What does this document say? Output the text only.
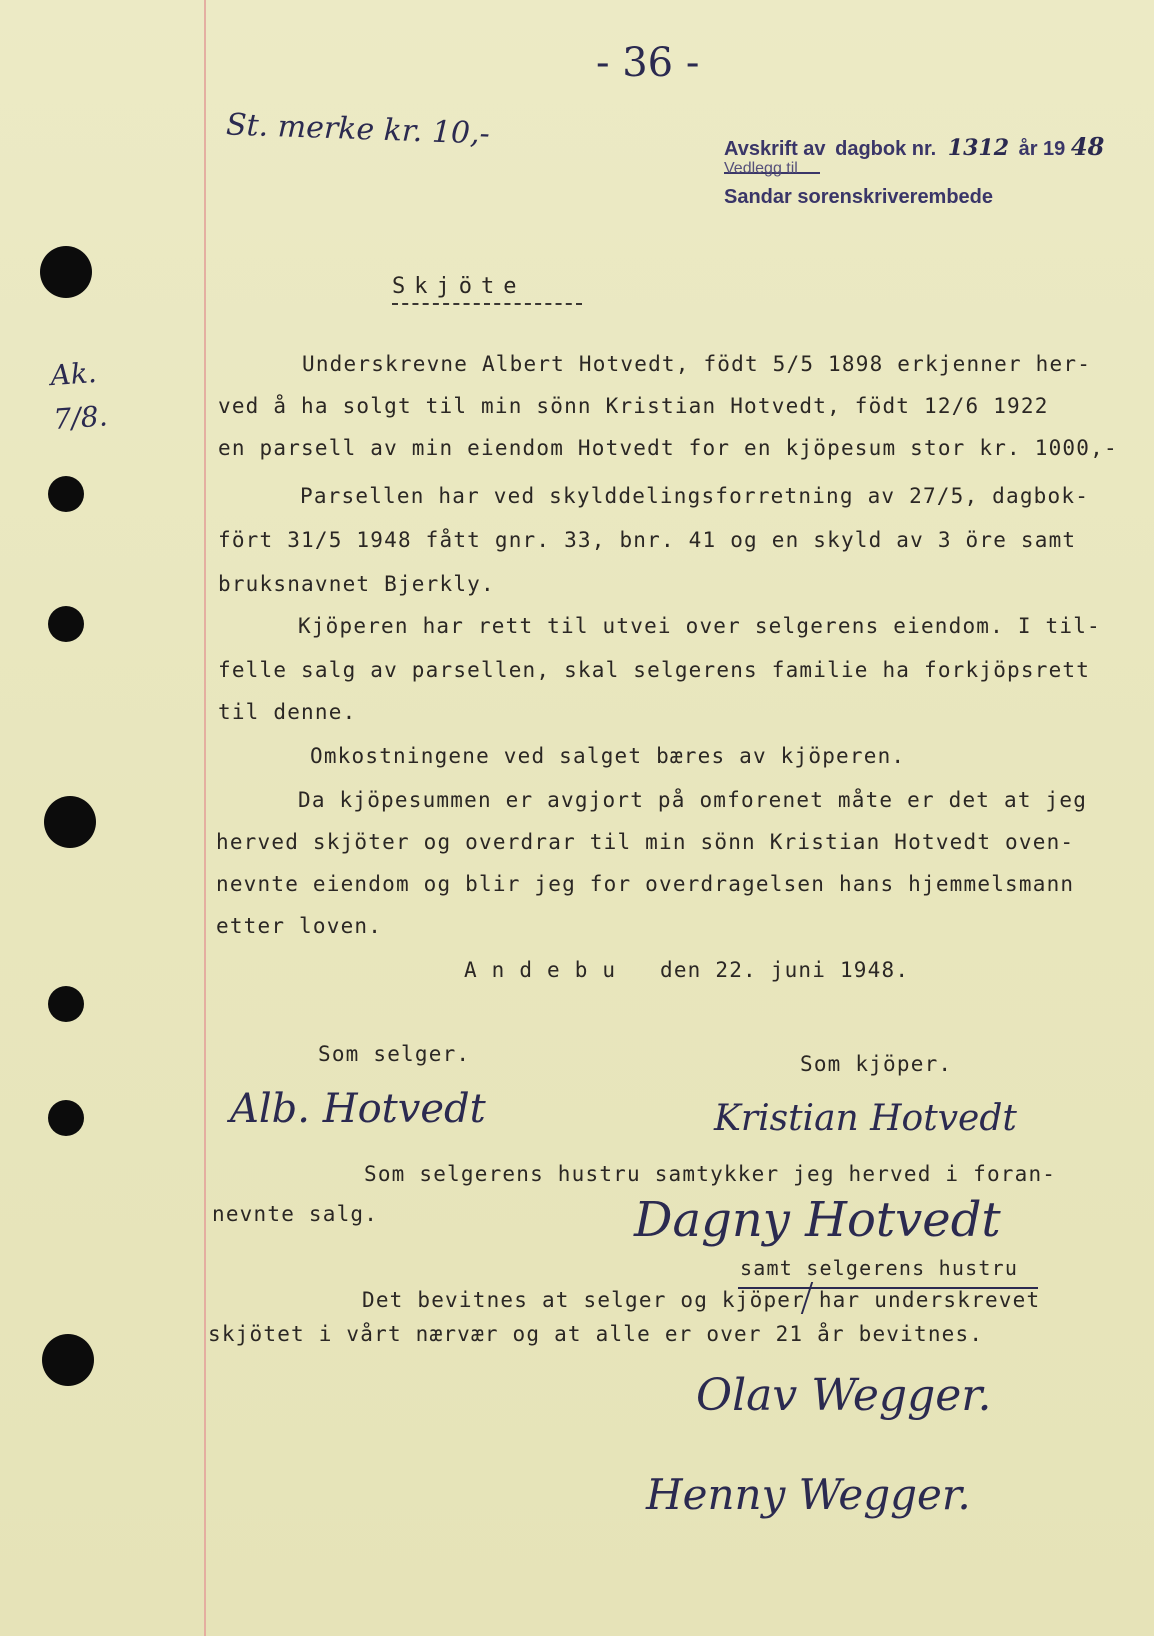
- 36 -
St. merke kr. 10,-
Ak. 7/8.
Avskrift av dagbok nr. 1312 år 19 48
Vedlegg til
Sandar sorenskriverembede
Skjöte
Underskrevne Albert Hotvedt, födt 5/5 1898 erkjenner her-
ved å ha solgt til min sönn Kristian Hotvedt, födt 12/6 1922
en parsell av min eiendom Hotvedt for en kjöpesum stor kr. 1000,-
Parsellen har ved skylddelingsforretning av 27/5, dagbok-
fört 31/5 1948 fått gnr. 33, bnr. 41 og en skyld av 3 öre samt
bruksnavnet Bjerkly.
Kjöperen har rett til utvei over selgerens eiendom. I til-
felle salg av parsellen, skal selgerens familie ha forkjöpsrett
til denne.
Omkostningene ved salget bæres av kjöperen.
Da kjöpesummen er avgjort på omforenet måte er det at jeg
herved skjöter og overdrar til min sönn Kristian Hotvedt oven-
nevnte eiendom og blir jeg for overdragelsen hans hjemmelsmann
etter loven.
A n d e b u den 22. juni 1948.
Som selger.	Som kjöper.
Alb. Hotvedt	Kristian Hotvedt
Som selgerens hustru samtykker jeg herved i foran-
nevnte salg.	Dagny Hotvedt
samt selgerens hustru
Det bevitnes at selger og kjöper har underskrevet
skjötet i vårt nærvær og at alle er over 21 år bevitnes.
Olav Wegger.
Henny Wegger.
